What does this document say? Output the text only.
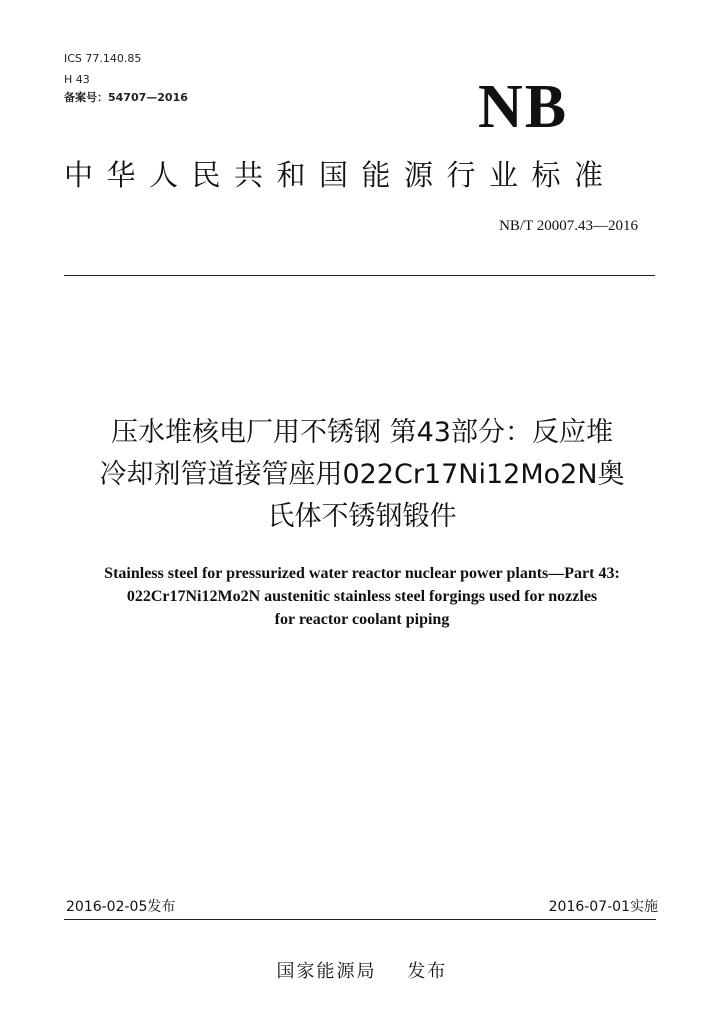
ICS 77.140.85
H 43
备案号：54707—2016	NB
中华人民共和国能源行业标准
NB/T 20007.43—2016
压水堆核电厂用不锈钢 第43部分：反应堆
冷却剂管道接管座用022Cr17Ni12Mo2N奥
氏体不锈钢锻件
Stainless steel for pressurized water reactor nuclear power plants—Part 43:
022Cr17Ni12Mo2N austenitic stainless steel forgings used for nozzles
for reactor coolant piping
2016-02-05发布	2016-07-01实施
国家能源局    发布
